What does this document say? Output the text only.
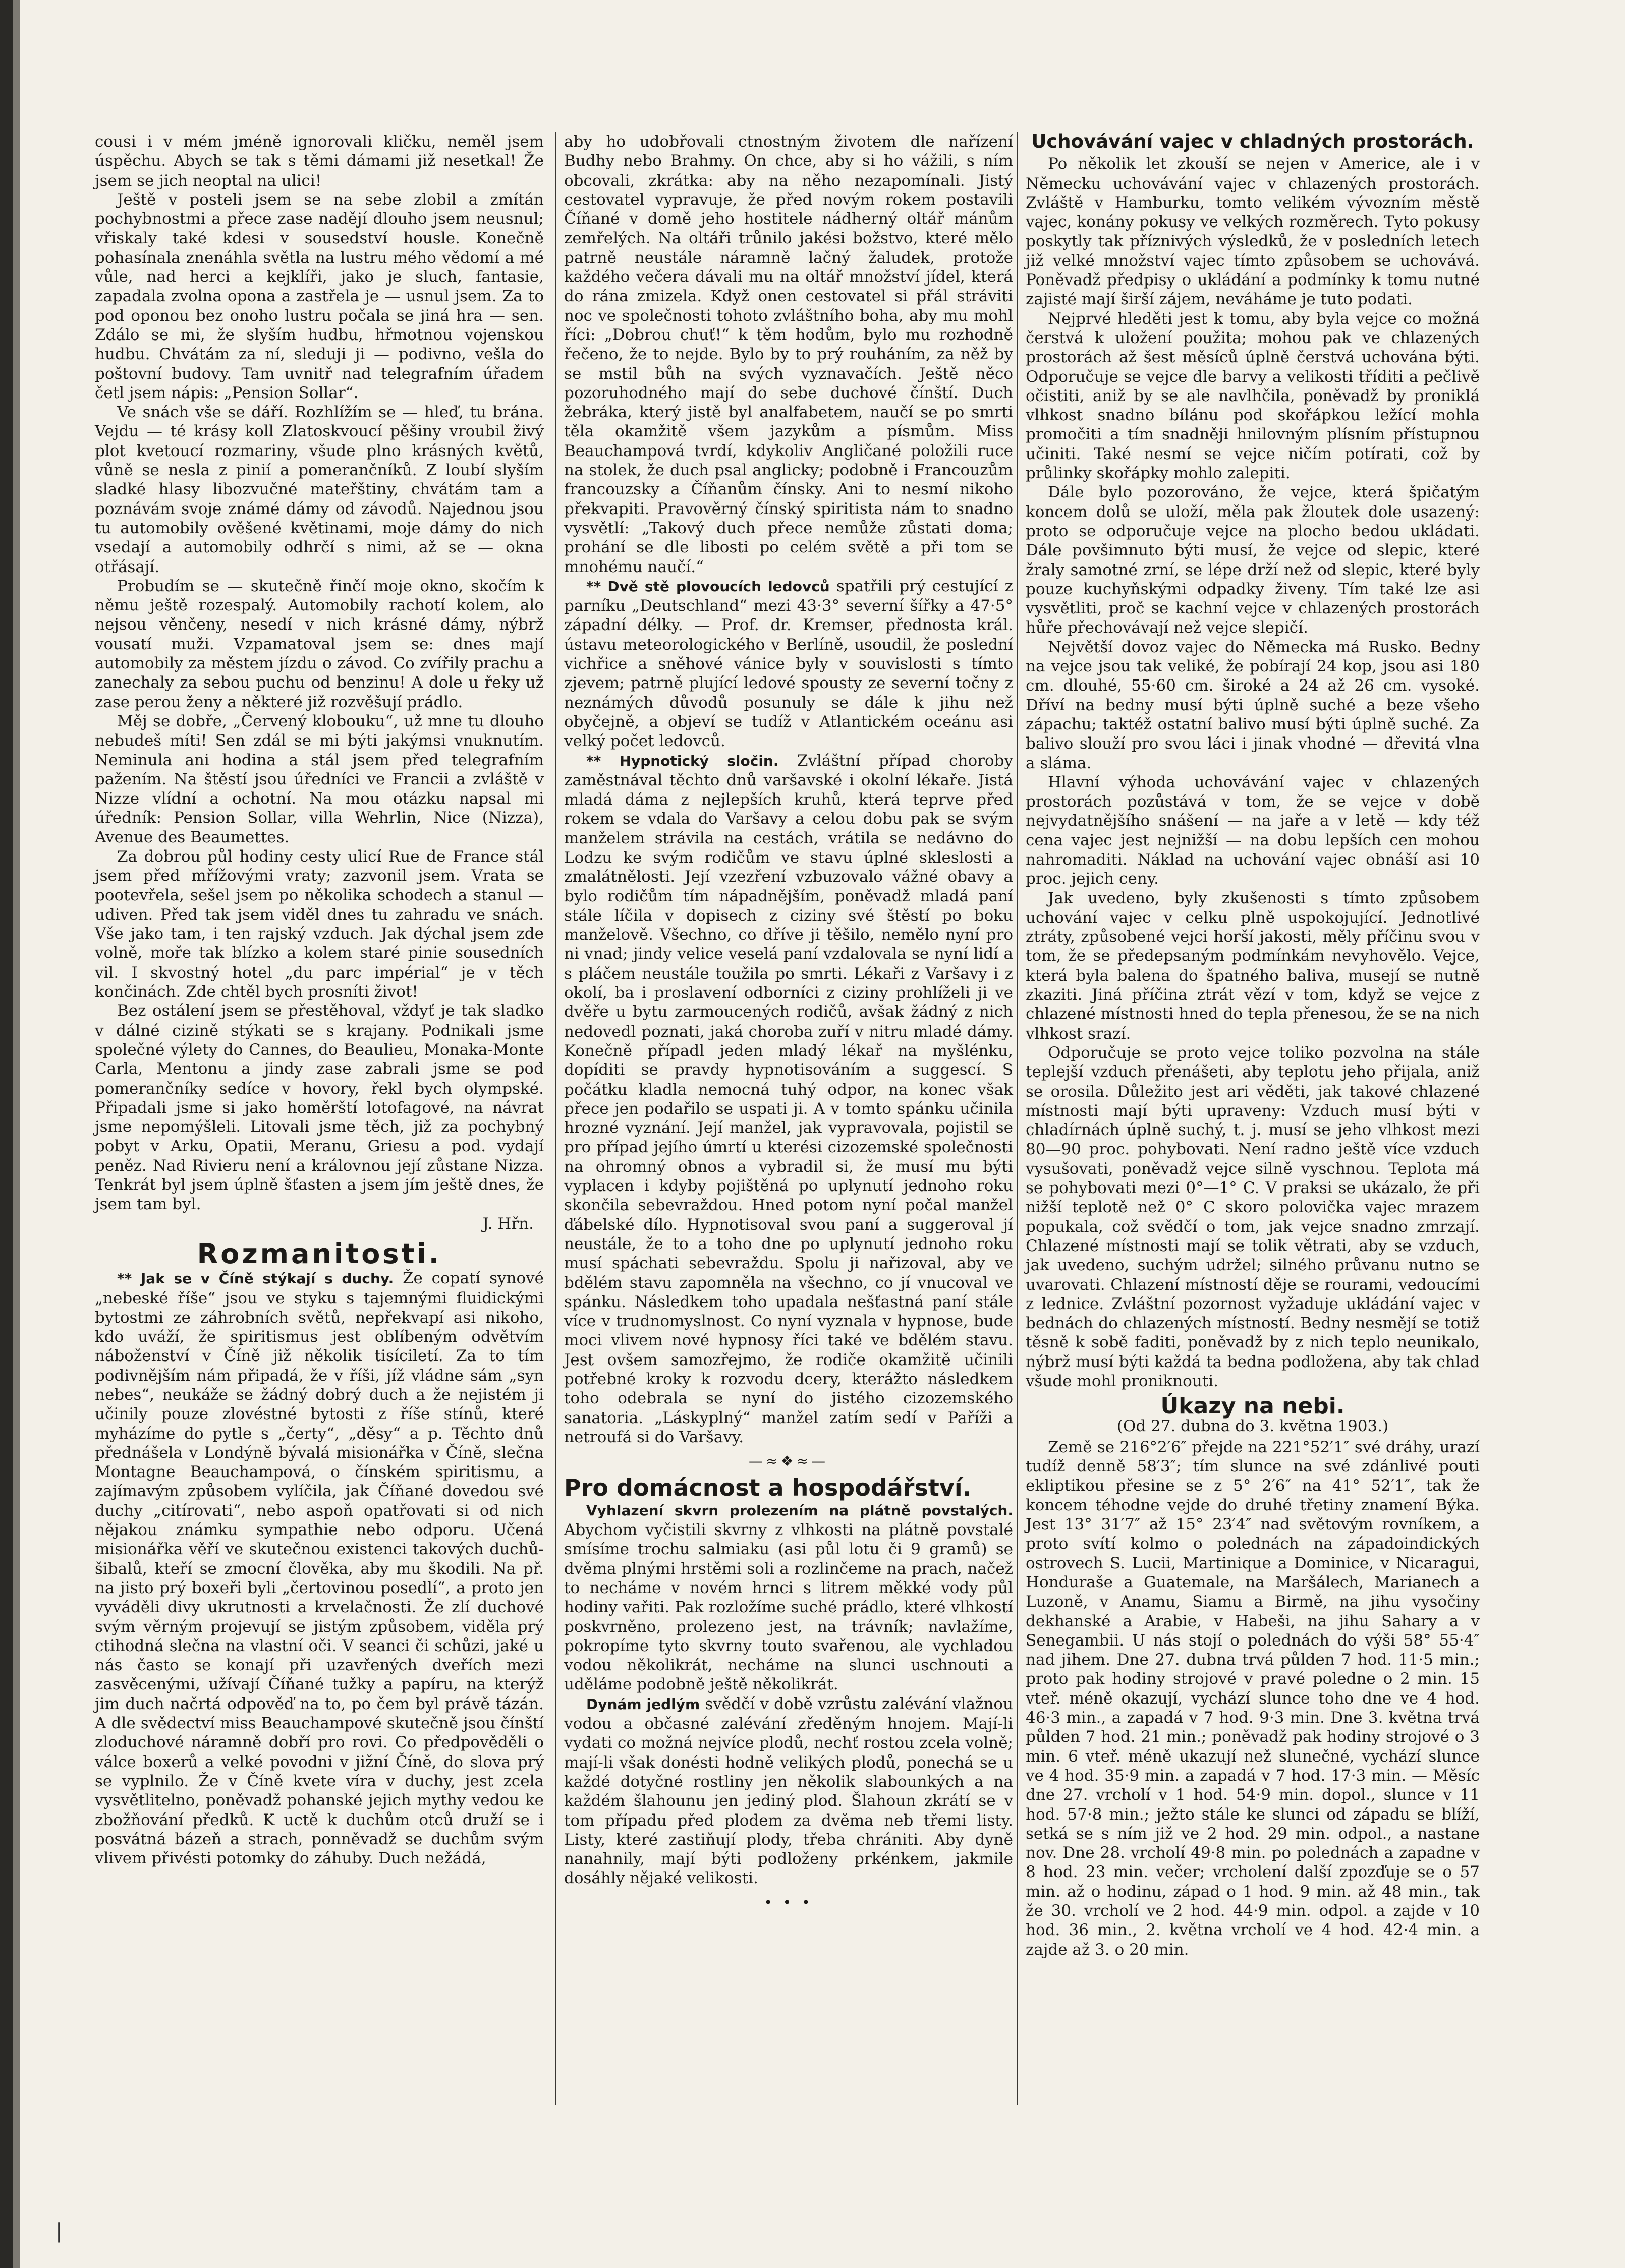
cousi i v mém jméně ignorovali kličku, neměl jsem úspěchu. Abych se tak s těmi dámami již nesetkal! Že jsem se jich neoptal na ulici!

Ještě v posteli jsem se na sebe zlobil a zmítán pochybnostmi a přece zase nadějí dlouho jsem neusnul; vřiskaly také kdesi v sousedství housle. Konečně pohasínala znenáhla světla na lustru mého vědomí a mé vůle, nad herci a kejklíři, jako je sluch, fantasie, zapadala zvolna opona a zastřela je — usnul jsem. Za to pod oponou bez onoho lustru počala se jiná hra — sen. Zdálo se mi, že slyším hudbu, hřmotnou vojenskou hudbu. Chvátám za ní, sleduji ji — podivno, vešla do poštovní budovy. Tam uvnitř nad telegrafním úřadem četl jsem nápis: „Pension Sollar“.

Ve snách vše se dáří. Rozhlížím se — hleď, tu brána. Vejdu — té krásy koll Zlatoskvoucí pěšiny vroubil živý plot kvetoucí rozmariny, všude plno krásných květů, vůně se nesla z pinií a pomerančníků. Z loubí slyším sladké hlasy libozvučné mateřštiny, chvátám tam a poznávám svoje známé dámy od závodů. Najednou jsou tu automobily ověšené květinami, moje dámy do nich vsedají a automobily odhrčí s nimi, až se — okna otřásají.

Probudím se — skutečně řinčí moje okno, skočím k němu ještě rozespalý. Automobily rachotí kolem, alo nejsou věnčeny, nesedí v nich krásné dámy, nýbrž vousatí muži. Vzpamatoval jsem se: dnes mají automobily za městem jízdu o závod. Co zvířily prachu a zanechaly za sebou puchu od benzinu! A dole u řeky už zase perou ženy a některé již rozvěšují prádlo.

Měj se dobře, „Červený klobouku“, už mne tu dlouho nebudeš míti! Sen zdál se mi býti jakýmsi vnuknutím. Neminula ani hodina a stál jsem před telegrafním pažením. Na štěstí jsou úředníci ve Francii a zvláště v Nizze vlídní a ochotní. Na mou otázku napsal mi úředník: Pension Sollar, villa Wehrlin, Nice (Nizza), Avenue des Beaumettes.

Za dobrou půl hodiny cesty ulicí Rue de France stál jsem před mřížovými vraty; zazvonil jsem. Vrata se pootevřela, sešel jsem po několika schodech a stanul — udiven. Před tak jsem viděl dnes tu zahradu ve snách. Vše jako tam, i ten rajský vzduch. Jak dýchal jsem zde volně, moře tak blízko a kolem staré pinie sousedních vil. I skvostný hotel „du parc impérial“ je v těch končinách. Zde chtěl bych prosníti život!

Bez ostálení jsem se přestěhoval, vždyť je tak sladko v dálné cizině stýkati se s krajany. Podnikali jsme společné výlety do Cannes, do Beaulieu, Monaka-Monte Carla, Mentonu a jindy zase zabrali jsme se pod pomerančníky sedíce v hovory, řekl bych olympské. Připadali jsme si jako homěrští lotofagové, na návrat jsme nepomýšleli. Litovali jsme těch, již za pochybný pobyt v Arku, Opatii, Meranu, Griesu a pod. vydají peněz. Nad Rivieru není a královnou její zůstane Nizza. Tenkrát byl jsem úplně šťasten a jsem jím ještě dnes, že jsem tam byl.

J. Hřn.
Rozmanitosti.

** Jak se v Číně stýkají s duchy. Že copatí synové „nebeské říše“ jsou ve styku s tajemnými fluidickými bytostmi ze záhrobních světů, nepřekvapí asi nikoho, kdo uváží, že spiritismus jest oblíbeným odvětvím náboženství v Číně již několik tisíciletí. Za to tím podivnějším nám připadá, že v říši, jíž vládne sám „syn nebes“, neukáže se žádný dobrý duch a že nejistém ji učinily pouze zlovéstné bytosti z říše stínů, které myházíme do pytle s „čerty“, „děsy“ a p. Těchto dnů přednášela v Londýně bývalá misionářka v Číně, slečna Montagne Beauchampová, o čínském spiritismu, a zajímavým způsobem vylíčila, jak Číňané dovedou své duchy „citírovati“, nebo aspoň opatřovati si od nich nějakou známku sympathie nebo odporu. Učená misionářka věří ve skutečnou existenci takových duchů-šibalů, kteří se zmocní člověka, aby mu škodili. Na př. na jisto prý boxeři byli „čertovinou posedlí“, a proto jen vyváděli divy ukrutnosti a krvelačnosti. Že zlí duchové svým věrným projevují se jistým způsobem, viděla prý ctihodná slečna na vlastní oči. V seanci či schůzi, jaké u nás často se konají při uzavřených dveřích mezi zasvěcenými, užívají Číňané tužky a papíru, na kterýž jim duch načrtá odpověď na to, po čem byl právě tázán. A dle svědectví miss Beauchampové skutečně jsou čínští zloduchové náramně dobří pro rovi. Co předpověděli o válce boxerů a velké povodni v jižní Číně, do slova prý se vyplnilo. Že v Číně kvete víra v duchy, jest zcela vysvětlitelno, poněvadž pohanské jejich mythy vedou ke zbožňování předků. K uctě k duchům otců druží se i posvátná bázeň a strach, ponněvadž se duchům svým vlivem přivésti potomky do záhuby. Duch nežádá,

aby ho udobřovali ctnostným životem dle nařízení Budhy nebo Brahmy. On chce, aby si ho vážili, s ním obcovali, zkrátka: aby na něho nezapomínali. Jistý cestovatel vypravuje, že před novým rokem postavili Číňané v domě jeho hostitele nádherný oltář mánům zemřelých. Na oltáři trůnilo jakési božstvo, které mělo patrně neustále náramně lačný žaludek, protože každého večera dávali mu na oltář množství jídel, která do rána zmizela. Když onen cestovatel si přál stráviti noc ve společnosti tohoto zvláštního boha, aby mu mohl říci: „Dobrou chuť!“ k těm hodům, bylo mu rozhodně řečeno, že to nejde. Bylo by to prý rouháním, za něž by se mstil bůh na svých vyznavačích. Ještě něco pozoruhodného mají do sebe duchové čínští. Duch žebráka, který jistě byl analfabetem, naučí se po smrti těla okamžitě všem jazykům a písmům. Miss Beauchampová tvrdí, kdykoliv Angličané položili ruce na stolek, že duch psal anglicky; podobně i Francouzům francouzsky a Číňanům čínsky. Ani to nesmí nikoho překvapiti. Pravověrný čínský spiritista nám to snadno vysvětlí: „Takový duch přece nemůže zůstati doma; prohání se dle libosti po celém světě a při tom se mnohému naučí.“

** Dvě stě plovoucích ledovců spatřili prý cestující z parníku „Deutschland“ mezi 43·3° severní šířky a 47·5° západní délky. — Prof. dr. Kremser, přednosta král. ústavu meteorologického v Berlíně, usoudil, že poslední vichřice a sněhové vánice byly v souvislosti s tímto zjevem; patrně plující ledové spousty ze severní točny z neznámých důvodů posunuly se dále k jihu než obyčejně, a objeví se tudíž v Atlantickém oceánu asi velký počet ledovců.

** Hypnotický sločin. Zvláštní případ choroby zaměstnával těchto dnů varšavské i okolní lékaře. Jistá mladá dáma z nejlepších kruhů, která teprve před rokem se vdala do Varšavy a celou dobu pak se svým manželem strávila na cestách, vrátila se nedávno do Lodzu ke svým rodičům ve stavu úplné skleslosti a zmalátnělosti. Její vzezření vzbuzovalo vážné obavy a bylo rodičům tím nápadnějším, poněvadž mladá paní stále líčila v dopisech z ciziny své štěstí po boku manželově. Všechno, co dříve ji těšilo, nemělo nyní pro ni vnad; jindy velice veselá paní vzdalovala se nyní lidí a s pláčem neustále toužila po smrti. Lékaři z Varšavy i z okolí, ba i proslavení odborníci z ciziny prohlíželi ji ve dvěře u bytu zarmoucených rodičů, avšak žádný z nich nedovedl poznati, jaká choroba zuří v nitru mladé dámy. Konečně případl jeden mladý lékař na myšlénku, dopíditi se pravdy hypnotisováním a suggescí. S počátku kladla nemocná tuhý odpor, na konec však přece jen podařilo se uspati ji. A v tomto spánku učinila hrozné vyznání. Její manžel, jak vypravovala, pojistil se pro případ jejího úmrtí u kterési cizozemské společnosti na ohromný obnos a vybradil si, že musí mu býti vyplacen i kdyby pojištěná po uplynutí jednoho roku skončila sebevraždou. Hned potom nyní počal manžel ďábelské dílo. Hypnotisoval svou paní a suggeroval jí neustále, že to a toho dne po uplynutí jednoho roku musí spáchati sebevraždu. Spolu ji nařizoval, aby ve bdělém stavu zapomněla na všechno, co jí vnucoval ve spánku. Následkem toho upadala nešťastná paní stále více v trudnomyslnost. Co nyní vyznala v hypnose, bude moci vlivem nové hypnosy říci také ve bdělém stavu. Jest ovšem samozřejmo, že rodiče okamžitě učinili potřebné kroky k rozvodu dcery, kterážto následkem toho odebrala se nyní do jistého cizozemského sanatoria. „Láskyplný“ manžel zatím sedí v Paříži a netroufá si do Varšavy.

—≈❖≈—
Pro domácnost a hospodářství.

Vyhlazení skvrn prolezením na plátně povstalých. Abychom vyčistili skvrny z vlhkosti na plátně povstalé smísíme trochu salmiaku (asi půl lotu či 9 gramů) se dvěma plnými hrstěmi soli a rozlinčeme na prach, načež to necháme v novém hrnci s litrem měkké vody půl hodiny vařiti. Pak rozložíme suché prádlo, které vlhkostí poskvrněno, prolezeno jest, na trávník; navlažíme, pokropíme tyto skvrny touto svařenou, ale vychladou vodou několikrát, necháme na slunci uschnouti a uděláme podobně ještě několikrát.

Dynám jedlým svědčí v době vzrůstu zalévání vlažnou vodou a občasné zalévání zředěným hnojem. Mají-li vydati co možná nejvíce plodů, nechť rostou zcela volně; mají-li však donésti hodně velikých plodů, ponechá se u každé dotyčné rostliny jen několik slabounkých a na každém šlahounu jen jediný plod. Šlahoun zkrátí se v tom případu před plodem za dvěma neb třemi listy. Listy, které zastiňují plody, třeba chrániti. Aby dyně nanahnily, mají býti podloženy prkénkem, jakmile dosáhly nějaké velikosti.

• • •
Uchovávání vajec v chladných prostorách.

Po několik let zkouší se nejen v Americe, ale i v Německu uchovávání vajec v chlazených prostorách. Zvláště v Hamburku, tomto velikém vývozním městě vajec, konány pokusy ve velkých rozměrech. Tyto pokusy poskytly tak příznivých výsledků, že v posledních letech již velké množství vajec tímto způsobem se uchovává. Poněvadž předpisy o ukládání a podmínky k tomu nutné zajisté mají širší zájem, neváháme je tuto podati.

Nejprvé hleděti jest k tomu, aby byla vejce co možná čerstvá k uložení použita; mohou pak ve chlazených prostorách až šest měsíců úplně čerstvá uchována býti. Odporučuje se vejce dle barvy a velikosti tříditi a pečlivě očistiti, aniž by se ale navlhčila, poněvadž by proniklá vlhkost snadno bílánu pod skořápkou ležící mohla promočiti a tím snadněji hnilovným plísním přístupnou učiniti. Také nesmí se vejce ničím potírati, což by průlinky skořápky mohlo zalepiti.

Dále bylo pozorováno, že vejce, která špičatým koncem dolů se uloží, měla pak žloutek dole usazený: proto se odporučuje vejce na plocho bedou ukládati. Dále povšimnuto býti musí, že vejce od slepic, které žraly samotné zrní, se lépe drží než od slepic, které byly pouze kuchyňskými odpadky živeny. Tím také lze asi vysvětliti, proč se kachní vejce v chlazených prostorách hůře přechovávají než vejce slepičí.

Největší dovoz vajec do Německa má Rusko. Bedny na vejce jsou tak veliké, že pobírají 24 kop, jsou asi 180 cm. dlouhé, 55·60 cm. široké a 24 až 26 cm. vysoké. Dříví na bedny musí býti úplně suché a beze všeho zápachu; taktéž ostatní balivo musí býti úplně suché. Za balivo slouží pro svou láci i jinak vhodné — dřevitá vlna a sláma.

Hlavní výhoda uchovávání vajec v chlazených prostorách pozůstává v tom, že se vejce v době nejvydatnějšího snášení — na jaře a v letě — kdy též cena vajec jest nejnižší — na dobu lepších cen mohou nahromaditi. Náklad na uchování vajec obnáší asi 10 proc. jejich ceny.

Jak uvedeno, byly zkušenosti s tímto způsobem uchování vajec v celku plně uspokojující. Jednotlivé ztráty, způsobené vejci horší jakosti, měly příčinu svou v tom, že se předepsaným podmínkám nevyhovělo. Vejce, která byla balena do špatného baliva, musejí se nutně zkaziti. Jiná příčina ztrát vězí v tom, když se vejce z chlazené místnosti hned do tepla přenesou, že se na nich vlhkost srazí.

Odporučuje se proto vejce toliko pozvolna na stále teplejší vzduch přenášeti, aby teplotu jeho přijala, aniž se orosila. Důležito jest ari věděti, jak takové chlazené místnosti mají býti upraveny: Vzduch musí býti v chladírnách úplně suchý, t. j. musí se jeho vlhkost mezi 80—90 proc. pohybovati. Není radno ještě více vzduch vysušovati, poněvadž vejce silně vyschnou. Teplota má se pohybovati mezi 0°—1° C. V praksi se ukázalo, že při nižší teplotě než 0° C skoro polovička vajec mrazem popukala, což svědčí o tom, jak vejce snadno zmrzají. Chlazené místnosti mají se tolik větrati, aby se vzduch, jak uvedeno, suchým udržel; silného průvanu nutno se uvarovati. Chlazení místností děje se rourami, vedoucími z lednice. Zvláštní pozornost vyžaduje ukládání vajec v bednách do chlazených místností. Bedny nesmějí se totiž těsně k sobě faditi, poněvadž by z nich teplo neunikalo, nýbrž musí býti každá ta bedna podložena, aby tak chlad všude mohl proniknouti.

Úkazy na nebi.
(Od 27. dubna do 3. května 1903.)

Země se 216°2′6″ přejde na 221°52′1″ své dráhy, urazí tudíž denně 58′3″; tím slunce na své zdánlivé pouti ekliptikou přesine se z 5° 2′6″ na 41° 52′1″, tak že koncem téhodne vejde do druhé třetiny znamení Býka. Jest 13° 31′7″ až 15° 23′4″ nad světovým rovníkem, a proto svítí kolmo o polednách na západoindických ostrovech S. Lucii, Martinique a Dominice, v Nicaragui, Honduraše a Guatemale, na Maršálech, Marianech a Luzoně, v Anamu, Siamu a Birmě, na jihu vysočiny dekhanské a Arabie, v Habeši, na jihu Sahary a v Senegambii. U nás stojí o polednách do výši 58° 55·4″ nad jihem. Dne 27. dubna trvá půlden 7 hod. 11·5 min.; proto pak hodiny strojové v pravé poledne o 2 min. 15 vteř. méně okazují, vychází slunce toho dne ve 4 hod. 46·3 min., a zapadá v 7 hod. 9·3 min. Dne 3. května trvá půlden 7 hod. 21 min.; poněvadž pak hodiny strojové o 3 min. 6 vteř. méně ukazují než slunečné, vychází slunce ve 4 hod. 35·9 min. a zapadá v 7 hod. 17·3 min. — Měsíc dne 27. vrcholí v 1 hod. 54·9 min. dopol., slunce v 11 hod. 57·8 min.; ježto stále ke slunci od západu se blíží, setká se s ním již ve 2 hod. 29 min. odpol., a nastane nov. Dne 28. vrcholí 49·8 min. po polednách a zapadne v 8 hod. 23 min. večer; vrcholení další zpozďuje se o 57 min. až o hodinu, západ o 1 hod. 9 min. až 48 min., tak že 30. vrcholí ve 2 hod. 44·9 min. odpol. a zajde v 10 hod. 36 min., 2. května vrcholí ve 4 hod. 42·4 min. a zajde až 3. o 20 min.

|
